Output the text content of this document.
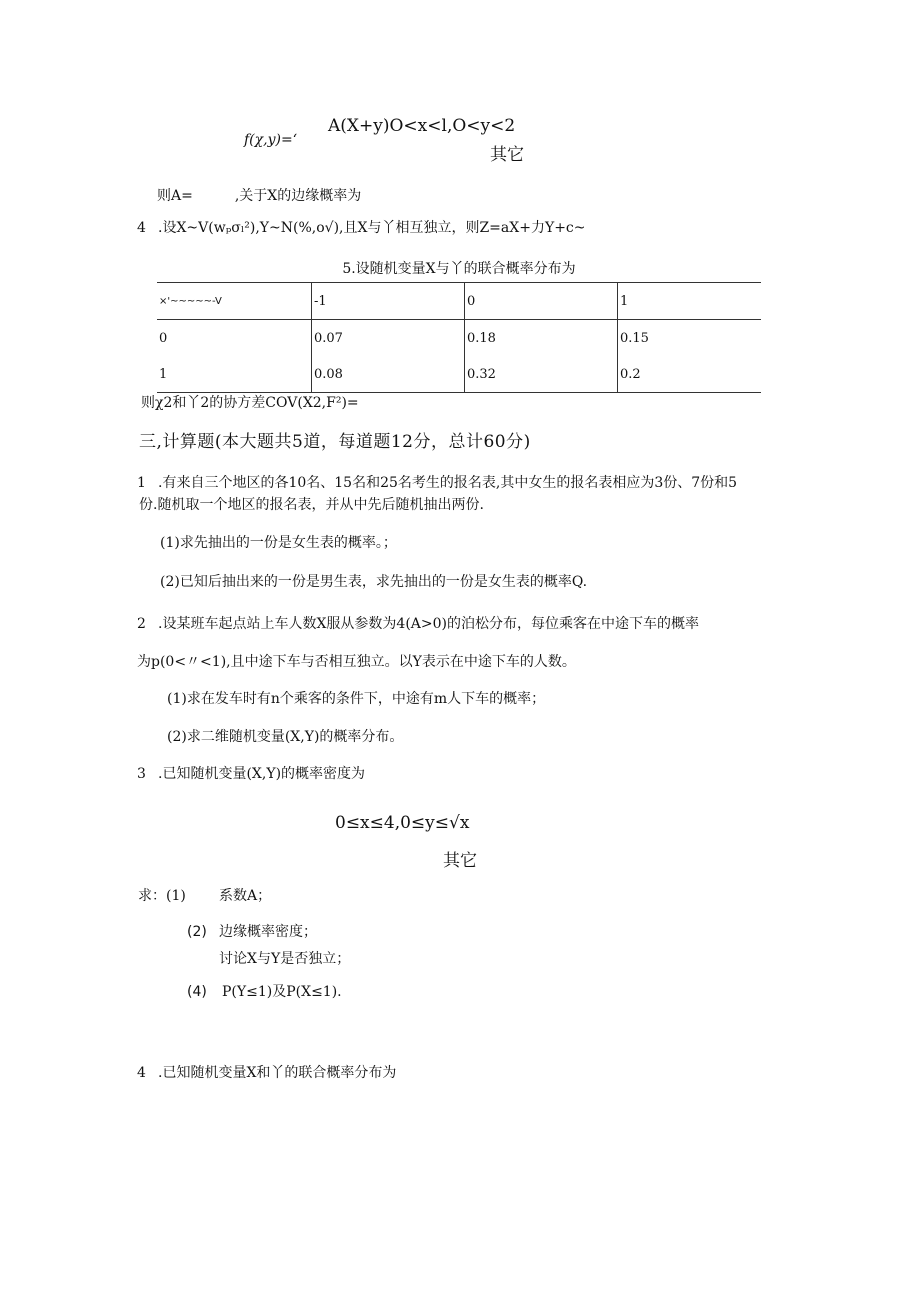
f(χ,y)=ʻ
A(X+y)O<x<l,O<y<2
其它
则A=　　　,关于X的边缘概率为
4 .设X~V(wₚσₗ²),Y~N(%,o√),且X与丫相互独立，则Z=aX+力Y+c~
5.设随机变量X与丫的联合概率分布为
×'~~~~~-V	-1	0	1
0	0.07	0.18	0.15
1	0.08	0.32	0.2
则χ2和丫2的协方差COV(X2,F²)=
三,计算题(本大题共5道，每道题12分，总计60分)
1 .有来自三个地区的各10名、15名和25名考生的报名表,其中女生的报名表相应为3份、7份和5
份.随机取一个地区的报名表，并从中先后随机抽出两份.
(1)求先抽出的一份是女生表的概率。；
(2)已知后抽出来的一份是男生表，求先抽出的一份是女生表的概率Q.
2 .设某班车起点站上车人数X服从参数为4(A>0)的泊松分布，每位乘客在中途下车的概率
为p(0<〃<1),且中途下车与否相互独立。以Y表示在中途下车的人数。
(1)求在发车时有n个乘客的条件下，中途有m人下车的概率；
(2)求二维随机变量(X,Y)的概率分布。
3 .已知随机变量(X,Y)的概率密度为
0≤x≤4,0≤y≤√x
其它
求：(1) 系数A；
(2) 边缘概率密度；
讨论X与Y是否独立；
(4) P(Y≤1)及P(X≤1).
4 .已知随机变量X和丫的联合概率分布为
